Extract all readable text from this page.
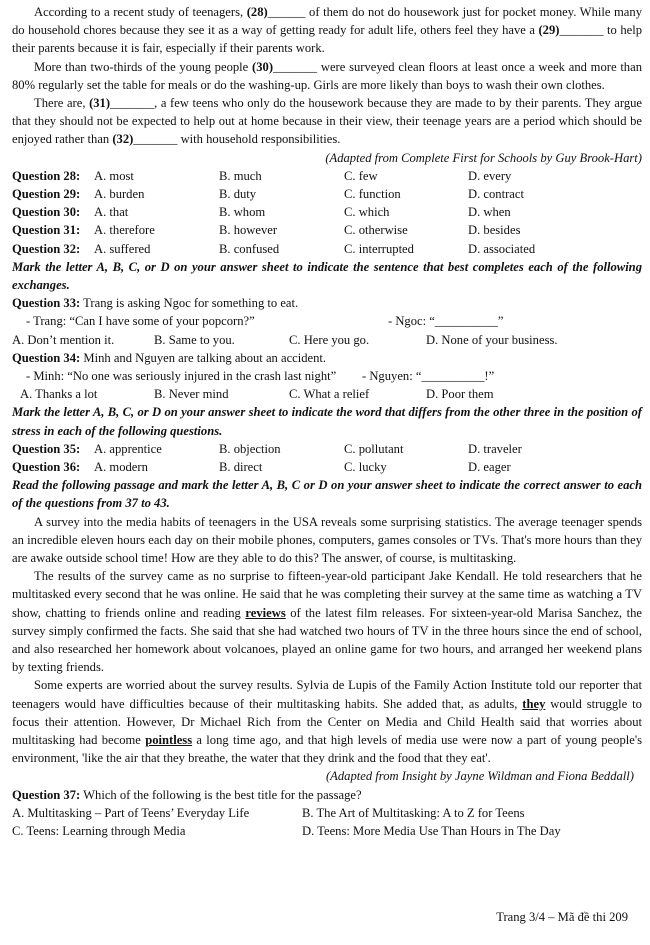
According to a recent study of teenagers, (28)______ of them do not do housework just for pocket money. While many do household chores because they see it as a way of getting ready for adult life, others feel they have a (29)_______ to help their parents because it is fair, especially if their parents work.

More than two-thirds of the young people (30)_______ were surveyed clean floors at least once a week and more than 80% regularly set the table for meals or do the washing-up. Girls are more likely than boys to wash their own clothes.

There are, (31)_______, a few teens who only do the housework because they are made to by their parents. They argue that they should not be expected to help out at home because in their view, their teenage years are a period which should be enjoyed rather than (32)_______ with household responsibilities.

(Adapted from Complete First for Schools by Guy Brook-Hart)

Question 28:	A. most	B. much	C. few	D. every
Question 29:	A. burden	B. duty	C. function	D. contract
Question 30:	A. that	B. whom	C. which	D. when
Question 31:	A. therefore	B. however	C. otherwise	D. besides
Question 32:	A. suffered	B. confused	C. interrupted	D. associated

Mark the letter A, B, C, or D on your answer sheet to indicate the sentence that best completes each of the following exchanges.

Question 33: Trang is asking Ngoc for something to eat.

- Trang: “Can I have some of your popcorn?”	- Ngoc: “__________”
A. Don’t mention it.	B. Same to you.	C. Here you go.	D. None of your business.

Question 34: Minh and Nguyen are talking about an accident.

- Minh: “No one was seriously injured in the crash last night” - Nguyen: “__________!”
A. Thanks a lot	B. Never mind	C. What a relief	D. Poor them

Mark the letter A, B, C, or D on your answer sheet to indicate the word that differs from the other three in the position of stress in each of the following questions.

Question 35:	A. apprentice	B. objection	C. pollutant	D. traveler
Question 36:	A. modern	B. direct	C. lucky	D. eager

Read the following passage and mark the letter A, B, C or D on your answer sheet to indicate the correct answer to each of the questions from 37 to 43.

A survey into the media habits of teenagers in the USA reveals some surprising statistics. The average teenager spends an incredible eleven hours each day on their mobile phones, computers, games consoles or TVs. That's more hours than they are awake outside school time! How are they able to do this? The answer, of course, is multitasking.

The results of the survey came as no surprise to fifteen-year-old participant Jake Kendall. He told researchers that he multitasked every second that he was online. He said that he was completing their survey at the same time as watching a TV show, chatting to friends online and reading reviews of the latest film releases. For sixteen-year-old Marisa Sanchez, the survey simply confirmed the facts. She said that she had watched two hours of TV in the three hours since the end of school, and also researched her homework about volcanoes, played an online game for two hours, and arranged her weekend plans by texting friends.

Some experts are worried about the survey results. Sylvia de Lupis of the Family Action Institute told our reporter that teenagers would have difficulties because of their multitasking habits. She added that, as adults, they would struggle to focus their attention. However, Dr Michael Rich from the Center on Media and Child Health said that worries about multitasking had become pointless a long time ago, and that high levels of media use were now a part of young people's environment, 'like the air that they breathe, the water that they drink and the food that they eat'.

(Adapted from Insight by Jayne Wildman and Fiona Beddall)

Question 37: Which of the following is the best title for the passage?

A. Multitasking – Part of Teens’ Everyday Life	B. The Art of Multitasking: A to Z for Teens
C. Teens: Learning through Media	D. Teens: More Media Use Than Hours in The Day
Trang 3/4 – Mã đề thi 209
